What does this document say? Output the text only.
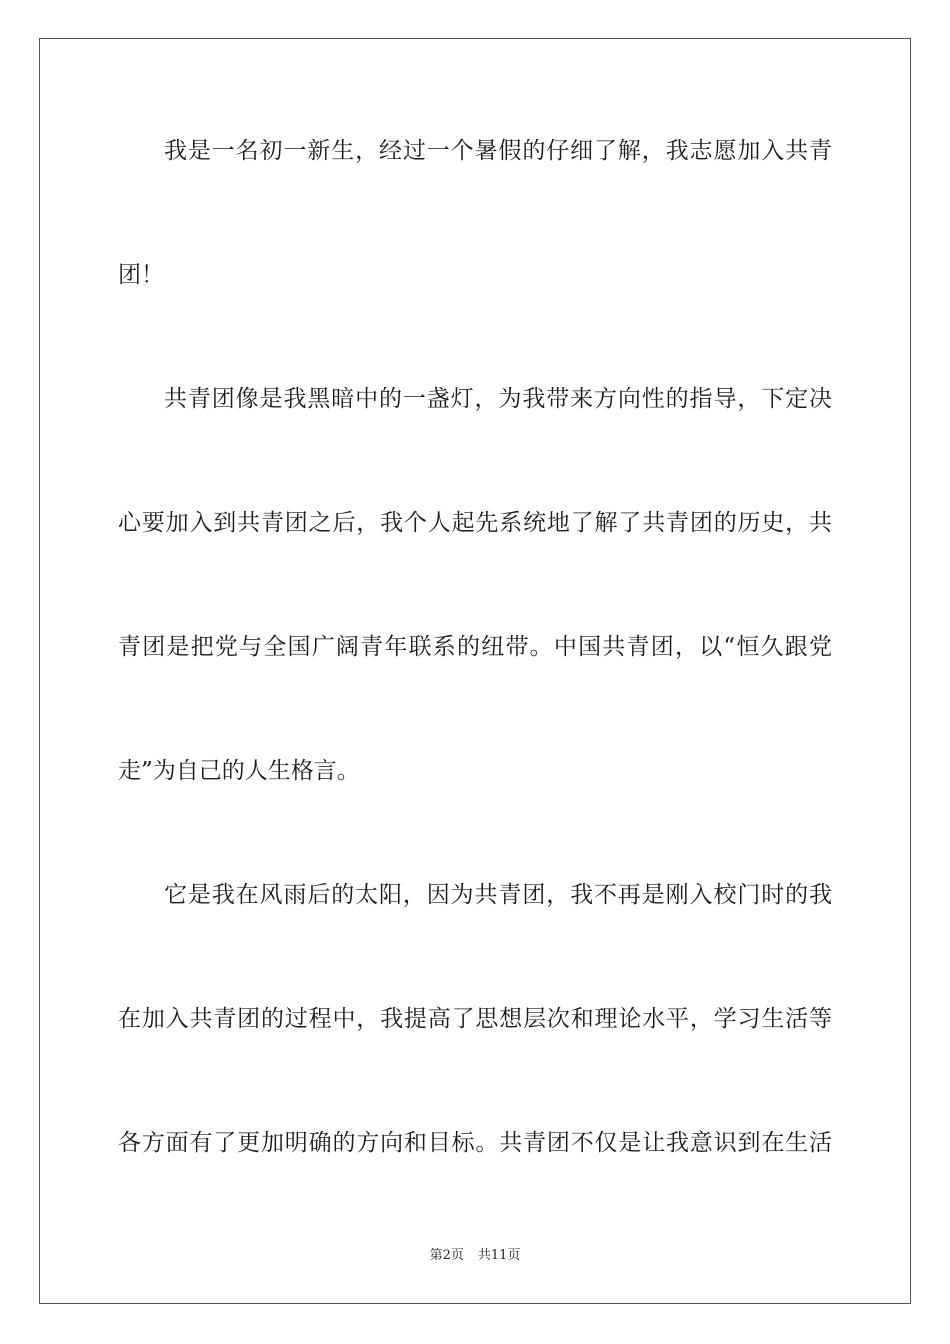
我是一名初一新生，经过一个暑假的仔细了解，我志愿加入共青
团！
共青团像是我黑暗中的一盏灯，为我带来方向性的指导，下定决
心要加入到共青团之后，我个人起先系统地了解了共青团的历史，共
青团是把党与全国广阔青年联系的纽带。中国共青团，以“恒久跟党
走”为自己的人生格言。
它是我在风雨后的太阳，因为共青团，我不再是刚入校门时的我
在加入共青团的过程中，我提高了思想层次和理论水平，学习生活等
各方面有了更加明确的方向和目标。共青团不仅是让我意识到在生活
第2页 共11页
